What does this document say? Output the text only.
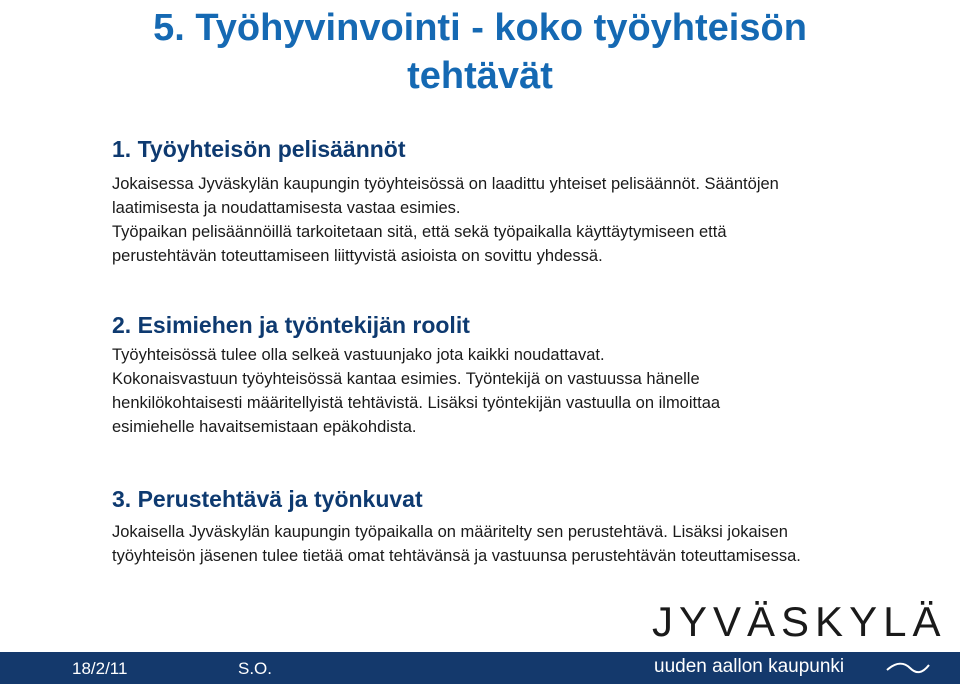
5. Työhyvinvointi - koko työyhteisön
tehtävät
1. Työyhteisön pelisäännöt

Jokaisessa Jyväskylän kaupungin työyhteisössä on laadittu yhteiset pelisäännöt. Sääntöjen
laatimisesta ja noudattamisesta vastaa esimies.
Työpaikan pelisäännöillä tarkoitetaan sitä, että sekä työpaikalla käyttäytymiseen että
perustehtävän toteuttamiseen liittyvistä asioista on sovittu yhdessä.

2. Esimiehen ja työntekijän roolit

Työyhteisössä tulee olla selkeä vastuunjako jota kaikki noudattavat.
Kokonaisvastuun työyhteisössä kantaa esimies. Työntekijä on vastuussa hänelle
henkilökohtaisesti määritellyistä tehtävistä. Lisäksi työntekijän vastuulla on ilmoittaa
esimiehelle havaitsemistaan epäkohdista.

3. Perustehtävä ja työnkuvat

Jokaisella Jyväskylän kaupungin työpaikalla on määritelty sen perustehtävä. Lisäksi jokaisen
työyhteisön jäsenen tulee tietää omat tehtävänsä ja vastuunsa perustehtävän toteuttamisessa.

JYVÄSKYLÄ
18/2/11	S.O.	uuden aallon kaupunki
